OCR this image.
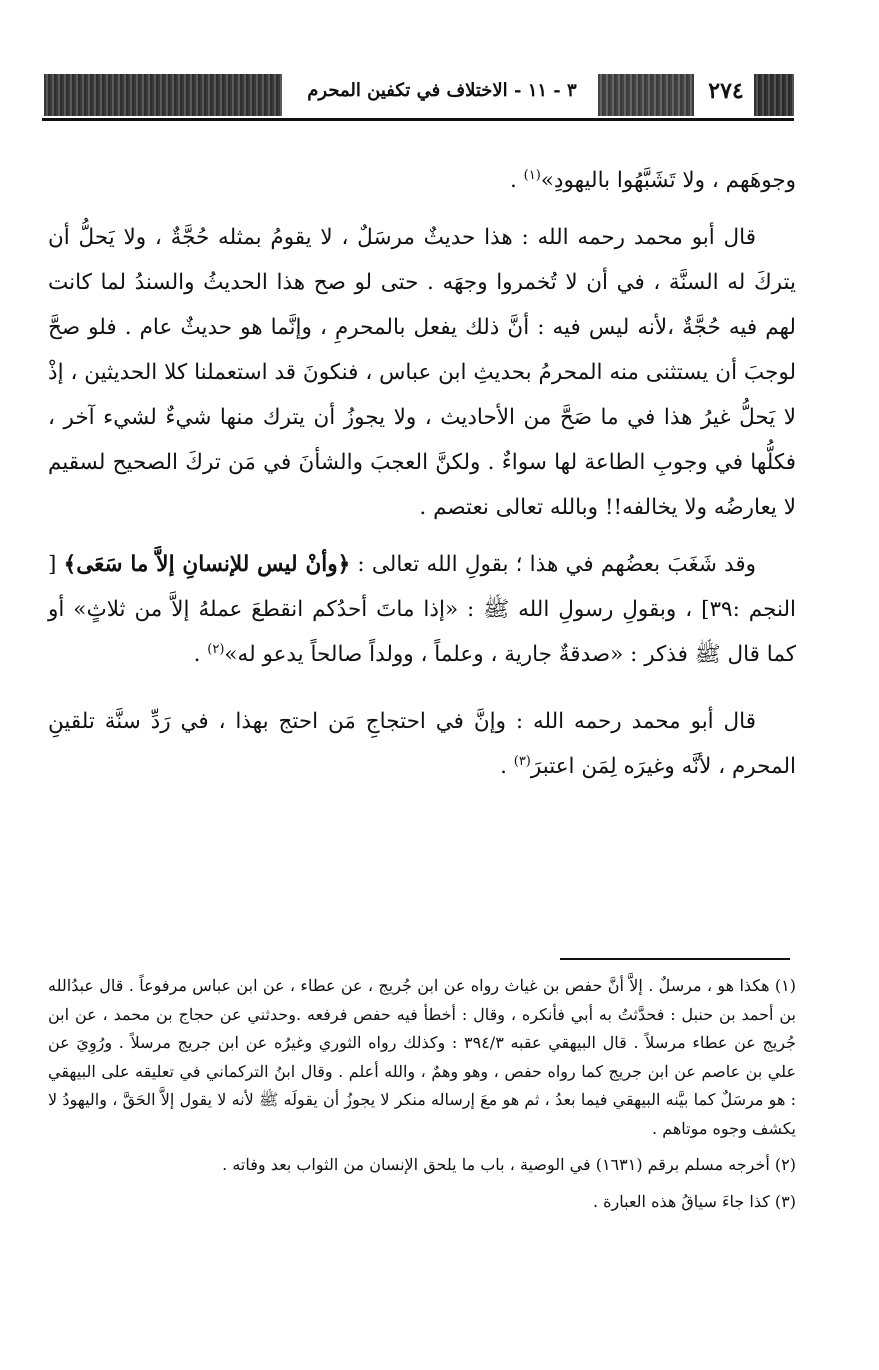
٣ - ١١ - الاختلاف في تكفين المحرم	٢٧٤

وجوهَهم ، ولا تَشَبَّهُوا باليهودِ»$^{(١)}$ .

قال أبو محمد رحمه الله : هذا حديثٌ مرسَلٌ ، لا يقومُ بمثله حُجَّةٌ ، ولا يَحلُّ أن يتركَ له السنَّة ، في أن لا تُخمروا وجهَه . حتى لو صح هذا الحديثُ والسندُ لما كانت لهم فيه حُجَّةٌ ،لأنه ليس فيه : أنَّ ذلك يفعل بالمحرمِ ، وإنَّما هو حديثٌ عام . فلو صحَّ لوجبَ أن يستثنى منه المحرمُ بحديثِ ابن عباس ، فنكونَ قد استعملنا كلا الحديثين ، إذْ لا يَحلُّ غيرُ هذا في ما صَحَّ من الأحاديث ، ولا يجوزُ أن يترك منها شيءٌ لشيء آخر ، فكلُّها في وجوبِ الطاعة لها سواءٌ . ولكنَّ العجبَ والشأنَ في مَن تركَ الصحيح لسقيم لا يعارضُه ولا يخالفه!! وبالله تعالى نعتصم .

وقد شَغَبَ بعضُهم في هذا ؛ بقولِ الله تعالى : ﴿وأنْ ليس للإنسانِ إلاَّ ما سَعَى﴾ [ النجم :٣٩] ، وبقولِ رسولِ الله ﷺ : «إذا ماتَ أحدُكم انقطعَ عملهُ إلاَّ من ثلاثٍ» أو كما قال ﷺ فذكر : «صدقةٌ جارية ، وعلماً ، وولداً صالحاً يدعو له»$^{(٢)}$ .

قال أبو محمد رحمه الله : وإنَّ في احتجاجِ مَن احتج بهذا ، في رَدِّ سنَّة تلقينِ المحرم ، لأنَّه وغيرَه لِمَن اعتبرَ$^{(٣)}$ .

(١) هكذا هو ، مرسلٌ . إلاَّ أنَّ حفص بن غياث رواه عن ابن جُريج ، عن عطاء ، عن ابن عباس مرفوعاً . قال عبدُالله بن أحمد بن حنبل : فحدَّثتُ به أبي فأنكره ، وقال : أخطأ فيه حفص فرفعه .وحدثني عن حجاج بن محمد ، عن ابن جُريج عن عطاء مرسلاً . قال البيهقي عقبه ٣٩٤/٣ : وكذلك رواه الثوري وغيرُه عن ابن جريج مرسلاً . ورُوِيَ عن علي بن عاصم عن ابن جريج كما رواه حفص ، وهو وهمٌ ، والله أعلم . وقال ابنُ التركماني في تعليقه على البيهقي : هو مرسَلٌ كما بيَّنه البيهقي فيما بعدُ ، ثم هو معَ إرساله منكر لا يجوزُ أن يقولَه ﷺ لأنه لا يقول إلاَّ الحَقَّ ، واليهودُ لا يكشف وجوه موتاهم .

(٢) أخرجه مسلم برقم (١٦٣١) في الوصية ، باب ما يلحق الإنسان من الثواب بعد وفاته .

(٣) كذا جاءَ سياقُ هذه العبارة .
